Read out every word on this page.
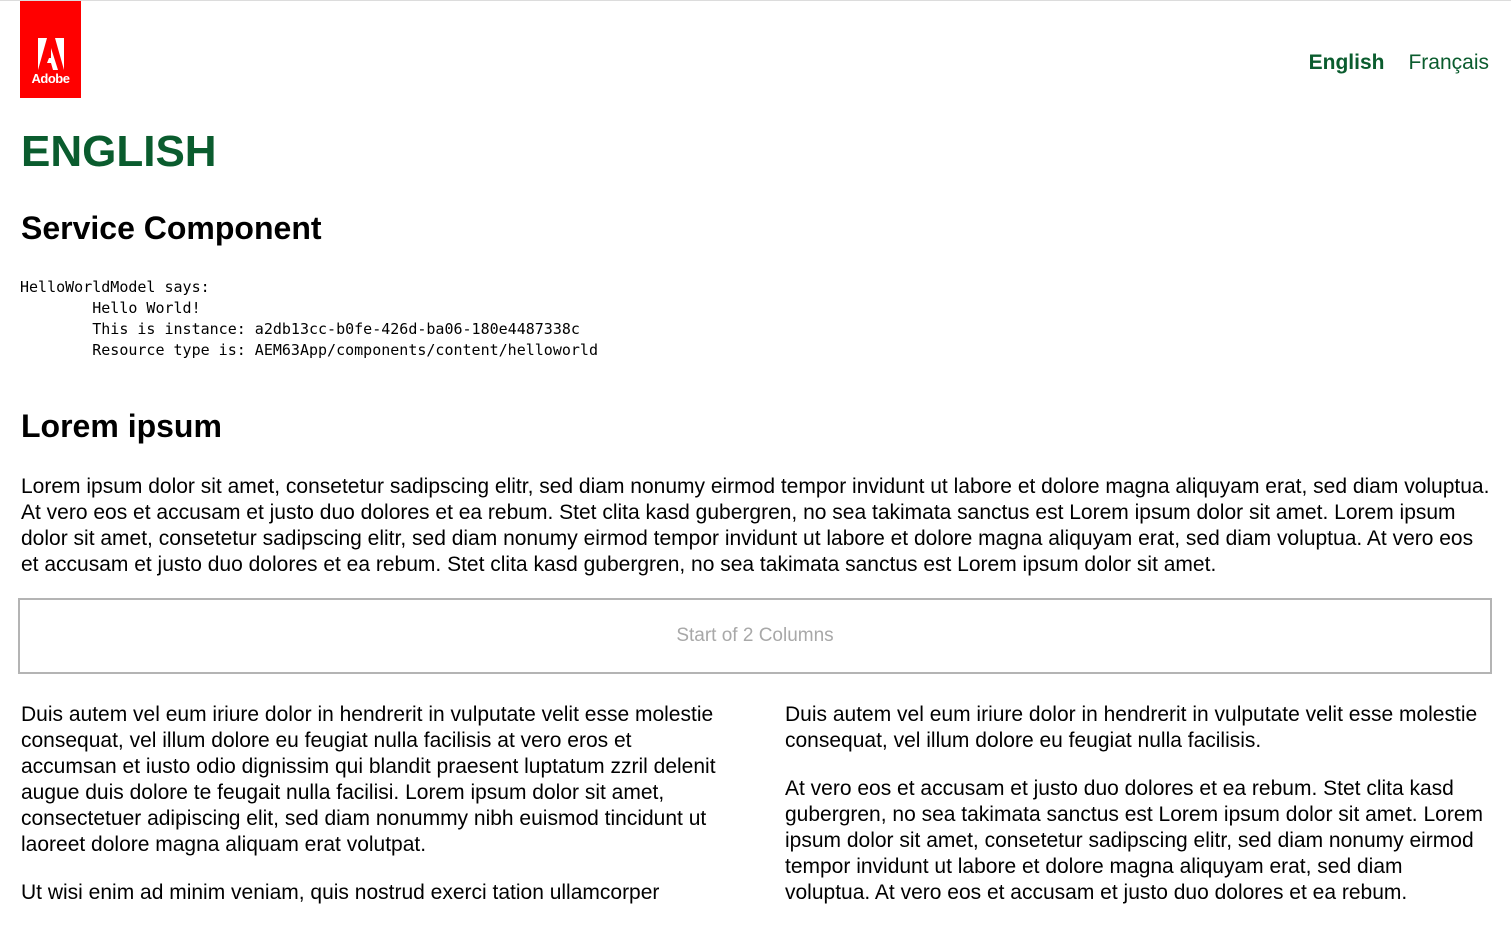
Adobe
English Français
ENGLISH
Service Component
HelloWorldModel says:
	Hello World!
	This is instance: a2db13cc-b0fe-426d-ba06-180e4487338c
	Resource type is: AEM63App/components/content/helloworld
Lorem ipsum

Lorem ipsum dolor sit amet, consetetur sadipscing elitr, sed diam nonumy eirmod tempor invidunt ut labore et dolore magna aliquyam erat, sed diam voluptua. At vero eos et accusam et justo duo dolores et ea rebum. Stet clita kasd gubergren, no sea takimata sanctus est Lorem ipsum dolor sit amet. Lorem ipsum dolor sit amet, consetetur sadipscing elitr, sed diam nonumy eirmod tempor invidunt ut labore et dolore magna aliquyam erat, sed diam voluptua. At vero eos et accusam et justo duo dolores et ea rebum. Stet clita kasd gubergren, no sea takimata sanctus est Lorem ipsum dolor sit amet.

Start of 2 Columns

Duis autem vel eum iriure dolor in hendrerit in vulputate velit esse molestie consequat, vel illum dolore eu feugiat nulla facilisis at vero eros et accumsan et iusto odio dignissim qui blandit praesent luptatum zzril delenit augue duis dolore te feugait nulla facilisi. Lorem ipsum dolor sit amet, consectetuer adipiscing elit, sed diam nonummy nibh euismod tincidunt ut laoreet dolore magna aliquam erat volutpat.

Ut wisi enim ad minim veniam, quis nostrud exerci tation ullamcorper

Duis autem vel eum iriure dolor in hendrerit in vulputate velit esse molestie consequat, vel illum dolore eu feugiat nulla facilisis.

At vero eos et accusam et justo duo dolores et ea rebum. Stet clita kasd gubergren, no sea takimata sanctus est Lorem ipsum dolor sit amet. Lorem ipsum dolor sit amet, consetetur sadipscing elitr, sed diam nonumy eirmod tempor invidunt ut labore et dolore magna aliquyam erat, sed diam voluptua. At vero eos et accusam et justo duo dolores et ea rebum.
